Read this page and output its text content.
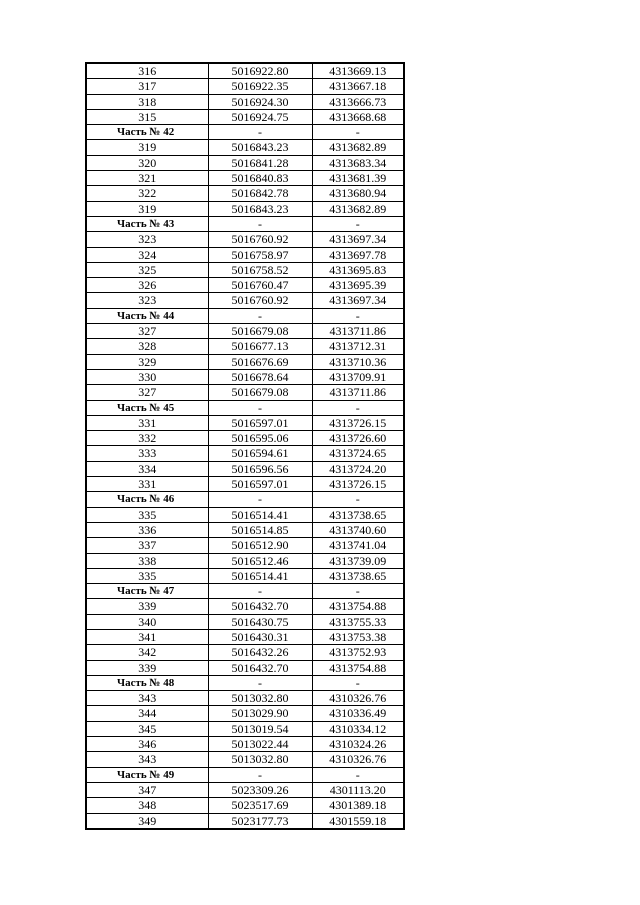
316	5016922.80	4313669.13
317	5016922.35	4313667.18
318	5016924.30	4313666.73
315	5016924.75	4313668.68
Часть № 42	-	-
319	5016843.23	4313682.89
320	5016841.28	4313683.34
321	5016840.83	4313681.39
322	5016842.78	4313680.94
319	5016843.23	4313682.89
Часть № 43	-	-
323	5016760.92	4313697.34
324	5016758.97	4313697.78
325	5016758.52	4313695.83
326	5016760.47	4313695.39
323	5016760.92	4313697.34
Часть № 44	-	-
327	5016679.08	4313711.86
328	5016677.13	4313712.31
329	5016676.69	4313710.36
330	5016678.64	4313709.91
327	5016679.08	4313711.86
Часть № 45	-	-
331	5016597.01	4313726.15
332	5016595.06	4313726.60
333	5016594.61	4313724.65
334	5016596.56	4313724.20
331	5016597.01	4313726.15
Часть № 46	-	-
335	5016514.41	4313738.65
336	5016514.85	4313740.60
337	5016512.90	4313741.04
338	5016512.46	4313739.09
335	5016514.41	4313738.65
Часть № 47	-	-
339	5016432.70	4313754.88
340	5016430.75	4313755.33
341	5016430.31	4313753.38
342	5016432.26	4313752.93
339	5016432.70	4313754.88
Часть № 48	-	-
343	5013032.80	4310326.76
344	5013029.90	4310336.49
345	5013019.54	4310334.12
346	5013022.44	4310324.26
343	5013032.80	4310326.76
Часть № 49	-	-
347	5023309.26	4301113.20
348	5023517.69	4301389.18
349	5023177.73	4301559.18
